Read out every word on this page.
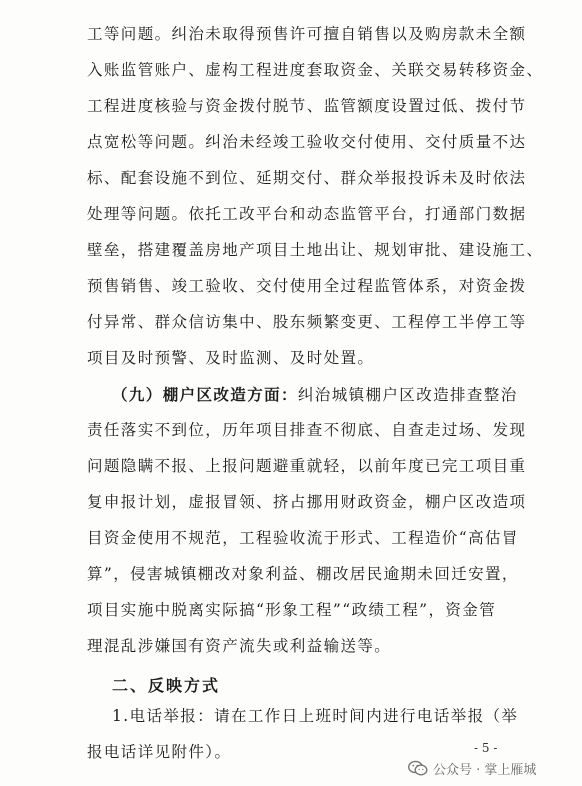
工等问题。纠治未取得预售许可擅自销售以及购房款未全额
入账监管账户、虚构工程进度套取资金、关联交易转移资金、
工程进度核验与资金拨付脱节、监管额度设置过低、拨付节
点宽松等问题。纠治未经竣工验收交付使用、交付质量不达
标、配套设施不到位、延期交付、群众举报投诉未及时依法
处理等问题。依托工改平台和动态监管平台，打通部门数据
壁垒，搭建覆盖房地产项目土地出让、规划审批、建设施工、
预售销售、竣工验收、交付使用全过程监管体系，对资金拨
付异常、群众信访集中、股东频繁变更、工程停工半停工等
项目及时预警、及时监测、及时处置。
（九）棚户区改造方面：纠治城镇棚户区改造排查整治
责任落实不到位，历年项目排查不彻底、自查走过场、发现
问题隐瞒不报、上报问题避重就轻，以前年度已完工项目重
复申报计划，虚报冒领、挤占挪用财政资金，棚户区改造项
目资金使用不规范，工程验收流于形式、工程造价“高估冒
算”，侵害城镇棚改对象利益、棚改居民逾期未回迁安置，
项目实施中脱离实际搞“形象工程”“政绩工程”，资金管
理混乱涉嫌国有资产流失或利益输送等。
二、反映方式
1.电话举报：请在工作日上班时间内进行电话举报（举
报电话详见附件）。	- 5 -
公众号 · 掌上雁城
